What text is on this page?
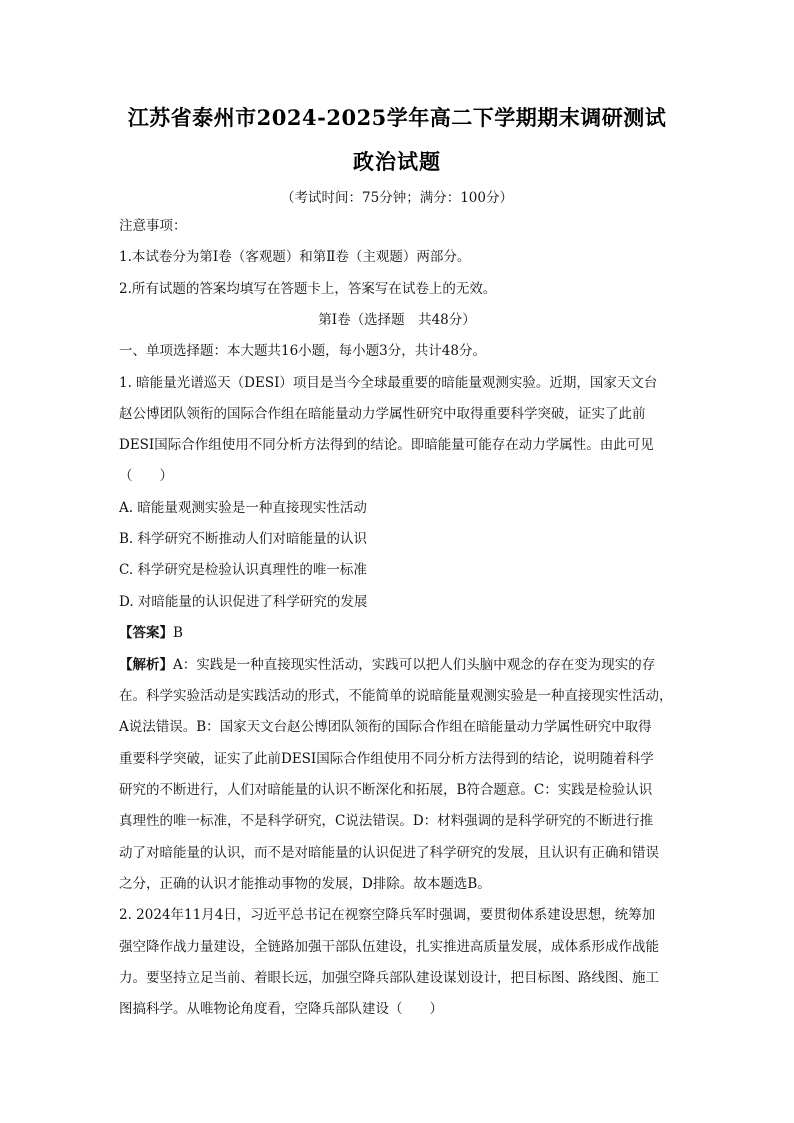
江苏省泰州市2024-2025学年高二下学期期末调研测试
政治试题
（考试时间：75分钟；满分：100分）
注意事项：
1.本试卷分为第Ⅰ卷（客观题）和第Ⅱ卷（主观题）两部分。
2.所有试题的答案均填写在答题卡上，答案写在试卷上的无效。
第Ⅰ卷（选择题　共48分）
一、单项选择题：本大题共16小题，每小题3分，共计48分。
1. 暗能量光谱巡天（DESI）项目是当今全球最重要的暗能量观测实验。近期，国家天文台
赵公博团队领衔的国际合作组在暗能量动力学属性研究中取得重要科学突破，证实了此前
DESI国际合作组使用不同分析方法得到的结论。即暗能量可能存在动力学属性。由此可见
（　　）
A. 暗能量观测实验是一种直接现实性活动
B. 科学研究不断推动人们对暗能量的认识
C. 科学研究是检验认识真理性的唯一标准
D. 对暗能量的认识促进了科学研究的发展
【答案】B
【解析】A：实践是一种直接现实性活动，实践可以把人们头脑中观念的存在变为现实的存
在。科学实验活动是实践活动的形式，不能简单的说暗能量观测实验是一种直接现实性活动，
A说法错误。B：国家天文台赵公博团队领衔的国际合作组在暗能量动力学属性研究中取得
重要科学突破，证实了此前DESI国际合作组使用不同分析方法得到的结论，说明随着科学
研究的不断进行，人们对暗能量的认识不断深化和拓展，B符合题意。C：实践是检验认识
真理性的唯一标准，不是科学研究，C说法错误。D：材料强调的是科学研究的不断进行推
动了对暗能量的认识，而不是对暗能量的认识促进了科学研究的发展，且认识有正确和错误
之分，正确的认识才能推动事物的发展，D排除。故本题选B。
2. 2024年11月4日，习近平总书记在视察空降兵军时强调，要贯彻体系建设思想，统筹加
强空降作战力量建设，全链路加强干部队伍建设，扎实推进高质量发展，成体系形成作战能
力。要坚持立足当前、着眼长远，加强空降兵部队建设谋划设计，把目标图、路线图、施工
图搞科学。从唯物论角度看，空降兵部队建设（　　）
